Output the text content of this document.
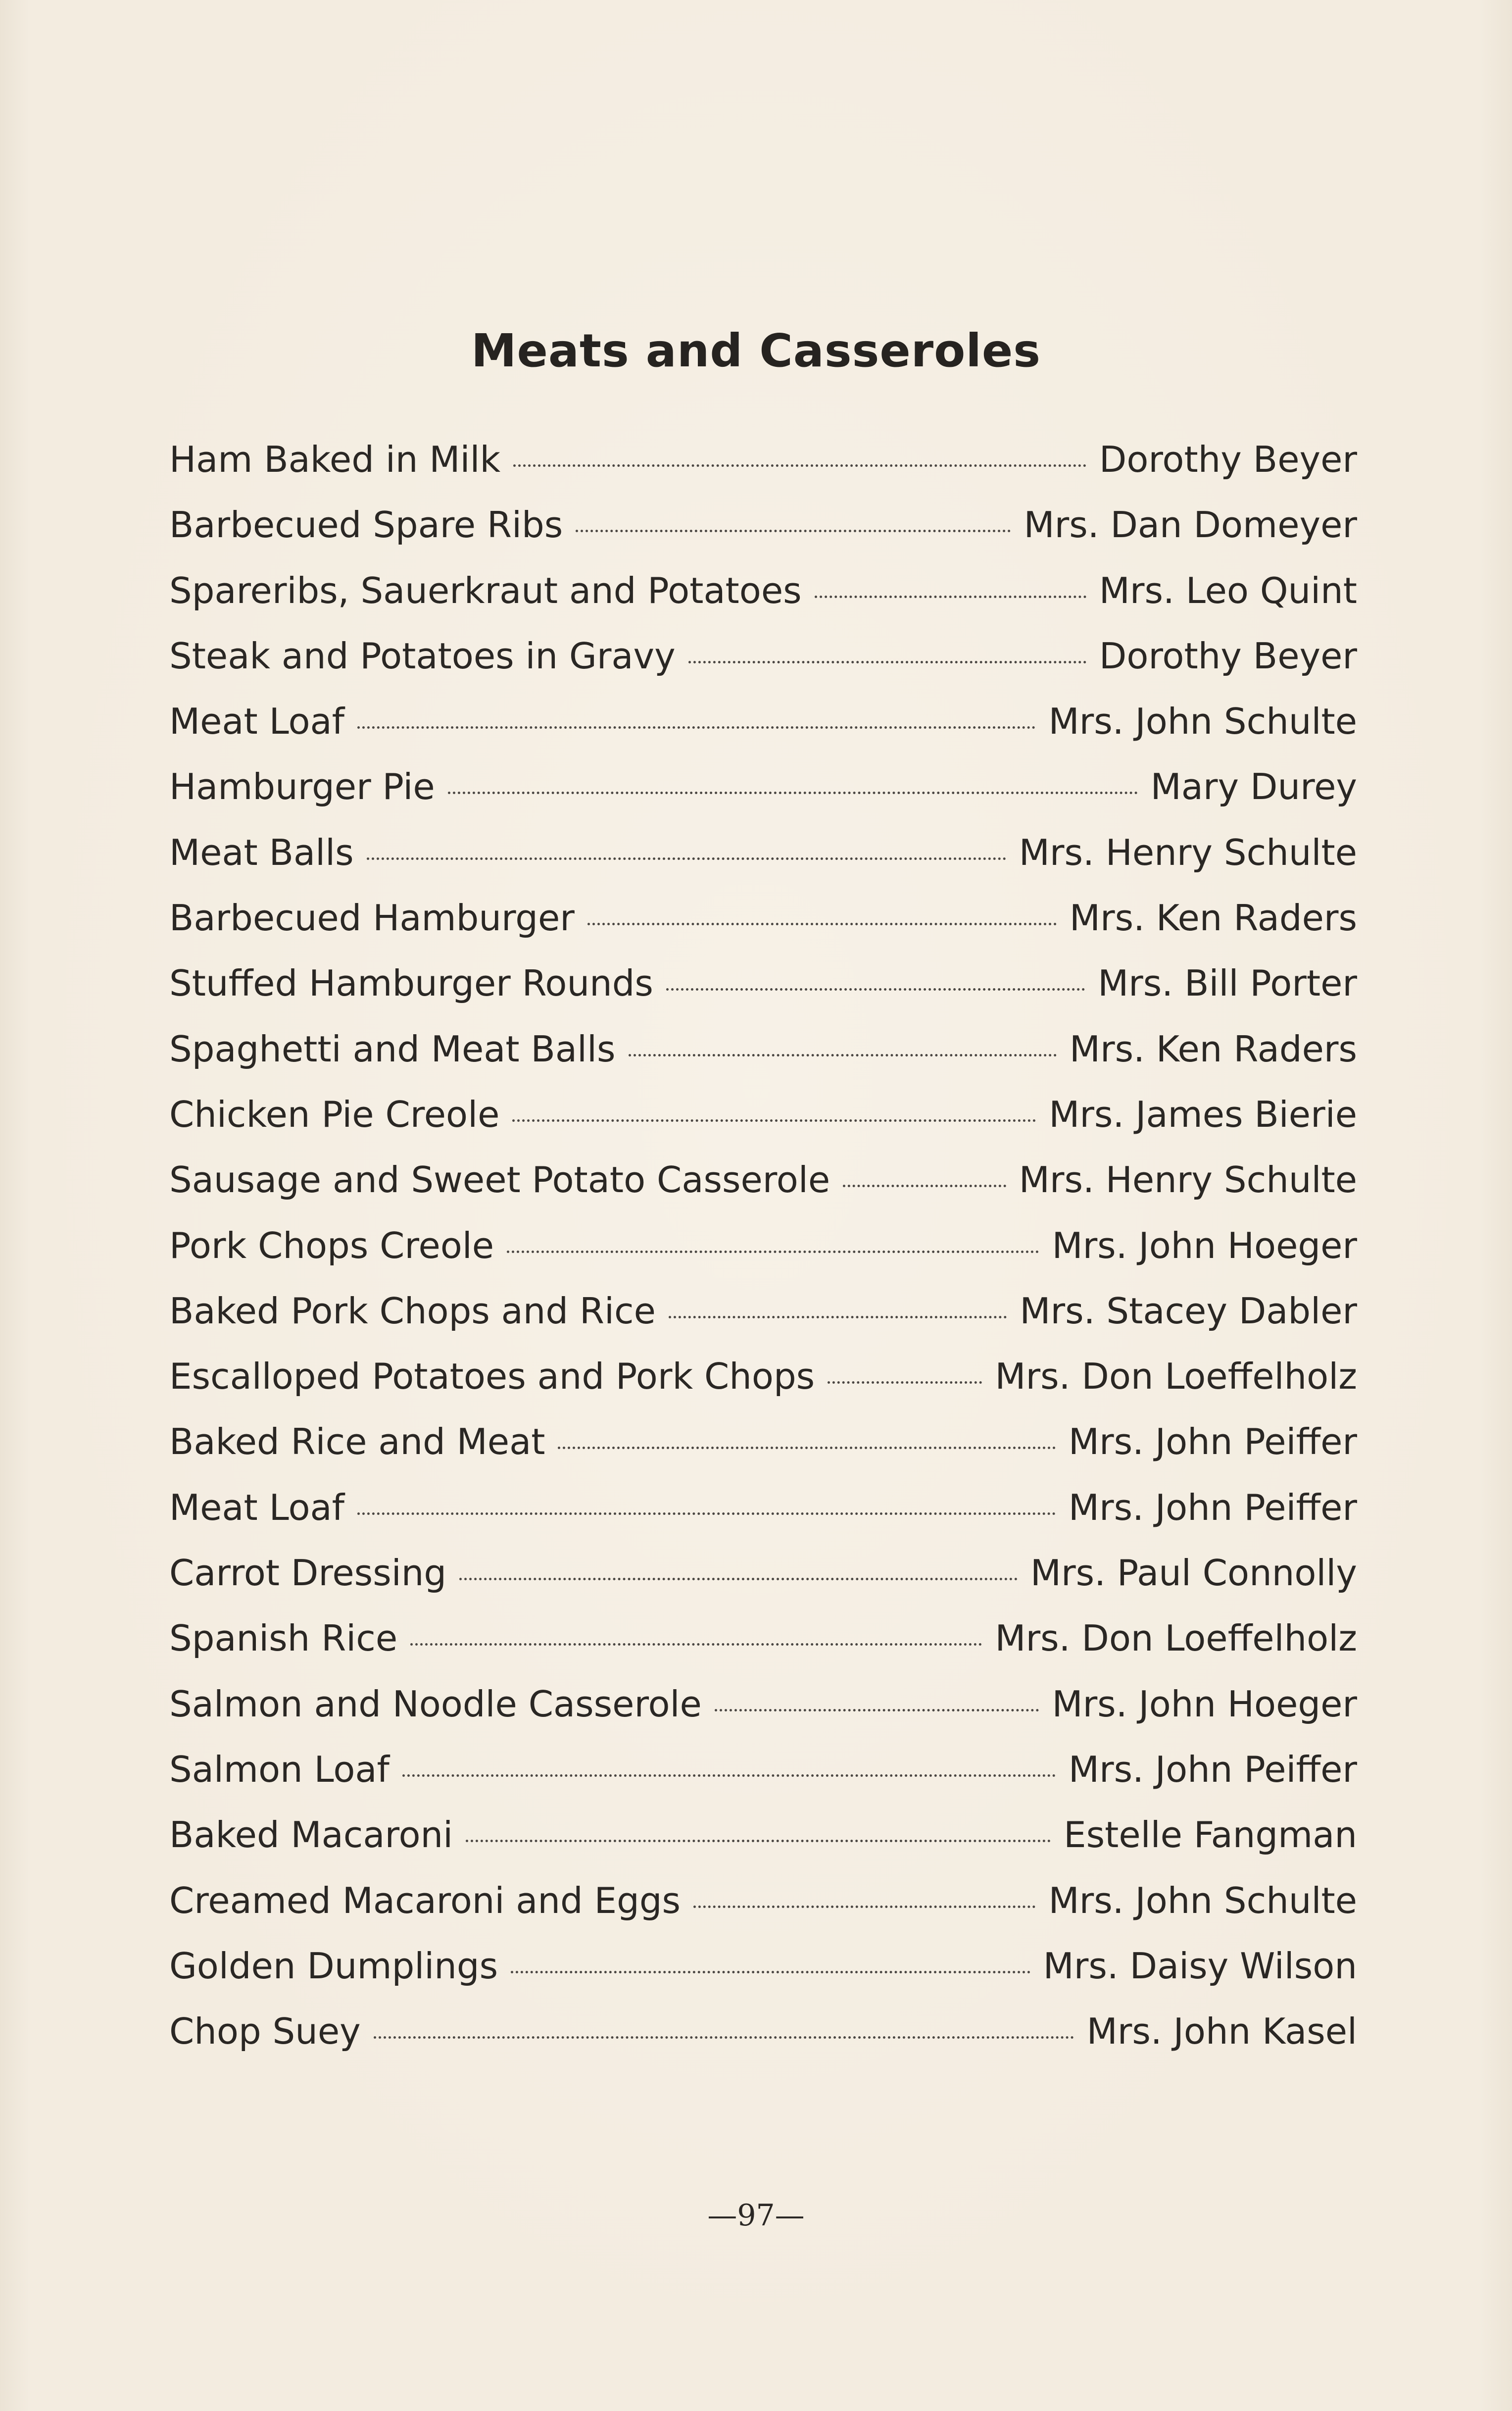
Meats and Casseroles
Ham Baked in Milk	Dorothy Beyer
Barbecued Spare Ribs	Mrs. Dan Domeyer
Spareribs, Sauerkraut and Potatoes	Mrs. Leo Quint
Steak and Potatoes in Gravy	Dorothy Beyer
Meat Loaf	Mrs. John Schulte
Hamburger Pie	Mary Durey
Meat Balls	Mrs. Henry Schulte
Barbecued Hamburger	Mrs. Ken Raders
Stuffed Hamburger Rounds	Mrs. Bill Porter
Spaghetti and Meat Balls	Mrs. Ken Raders
Chicken Pie Creole	Mrs. James Bierie
Sausage and Sweet Potato Casserole	Mrs. Henry Schulte
Pork Chops Creole	Mrs. John Hoeger
Baked Pork Chops and Rice	Mrs. Stacey Dabler
Escalloped Potatoes and Pork Chops	Mrs. Don Loeffelholz
Baked Rice and Meat	Mrs. John Peiffer
Meat Loaf	Mrs. John Peiffer
Carrot Dressing	Mrs. Paul Connolly
Spanish Rice	Mrs. Don Loeffelholz
Salmon and Noodle Casserole	Mrs. John Hoeger
Salmon Loaf	Mrs. John Peiffer
Baked Macaroni	Estelle Fangman
Creamed Macaroni and Eggs	Mrs. John Schulte
Golden Dumplings	Mrs. Daisy Wilson
Chop Suey	Mrs. John Kasel
—97—
